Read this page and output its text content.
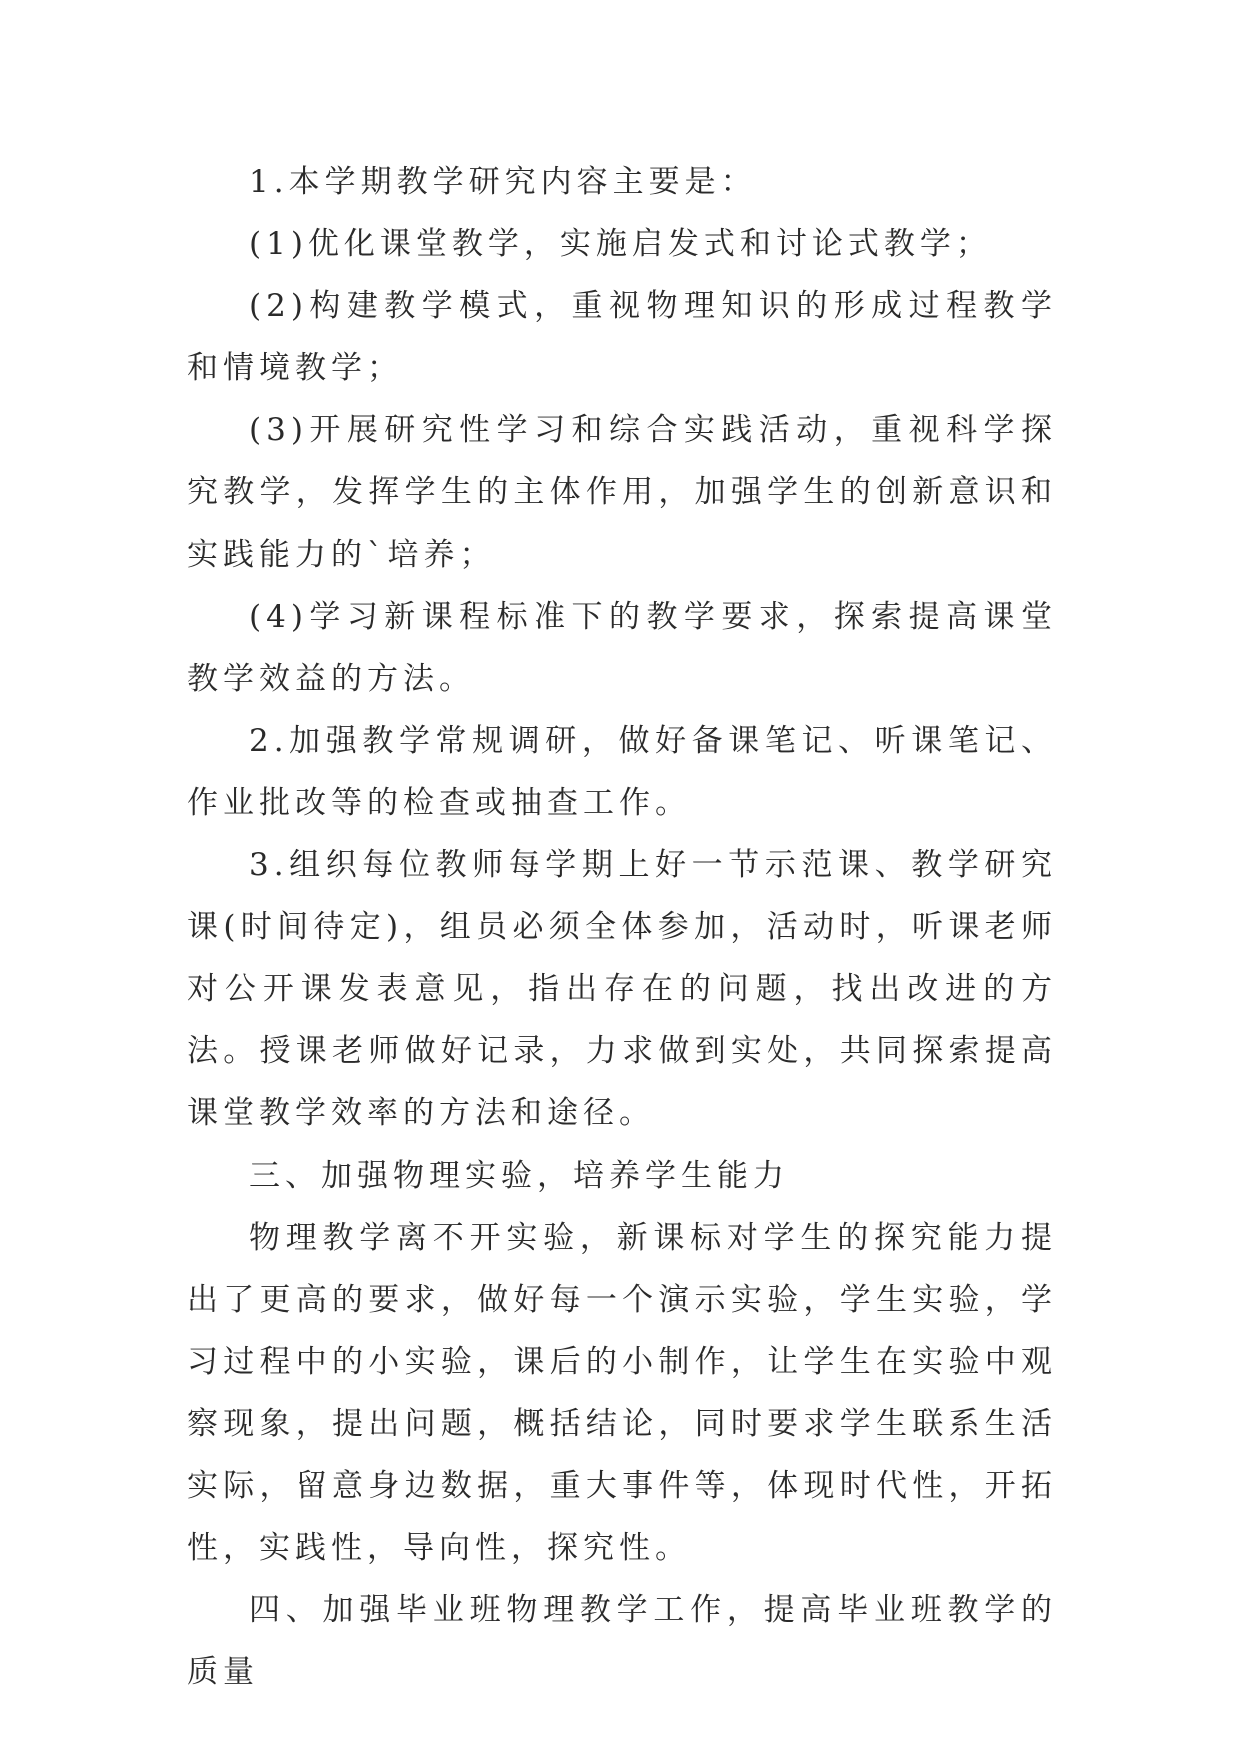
1.本学期教学研究内容主要是：

(1)优化课堂教学，实施启发式和讨论式教学；

(2)构建教学模式，重视物理知识的形成过程教学和情境教学；

(3)开展研究性学习和综合实践活动，重视科学探究教学，发挥学生的主体作用，加强学生的创新意识和实践能力的`培养；

(4)学习新课程标准下的教学要求，探索提高课堂教学效益的方法。

2.加强教学常规调研，做好备课笔记、听课笔记、作业批改等的检查或抽查工作。

3.组织每位教师每学期上好一节示范课、教学研究课(时间待定)，组员必须全体参加，活动时，听课老师对公开课发表意见，指出存在的问题，找出改进的方法。授课老师做好记录，力求做到实处，共同探索提高课堂教学效率的方法和途径。

三、加强物理实验，培养学生能力

物理教学离不开实验，新课标对学生的探究能力提出了更高的要求，做好每一个演示实验，学生实验，学习过程中的小实验，课后的小制作，让学生在实验中观察现象，提出问题，概括结论，同时要求学生联系生活实际，留意身边数据，重大事件等，体现时代性，开拓性，实践性，导向性，探究性。

四、加强毕业班物理教学工作，提高毕业班教学的质量
